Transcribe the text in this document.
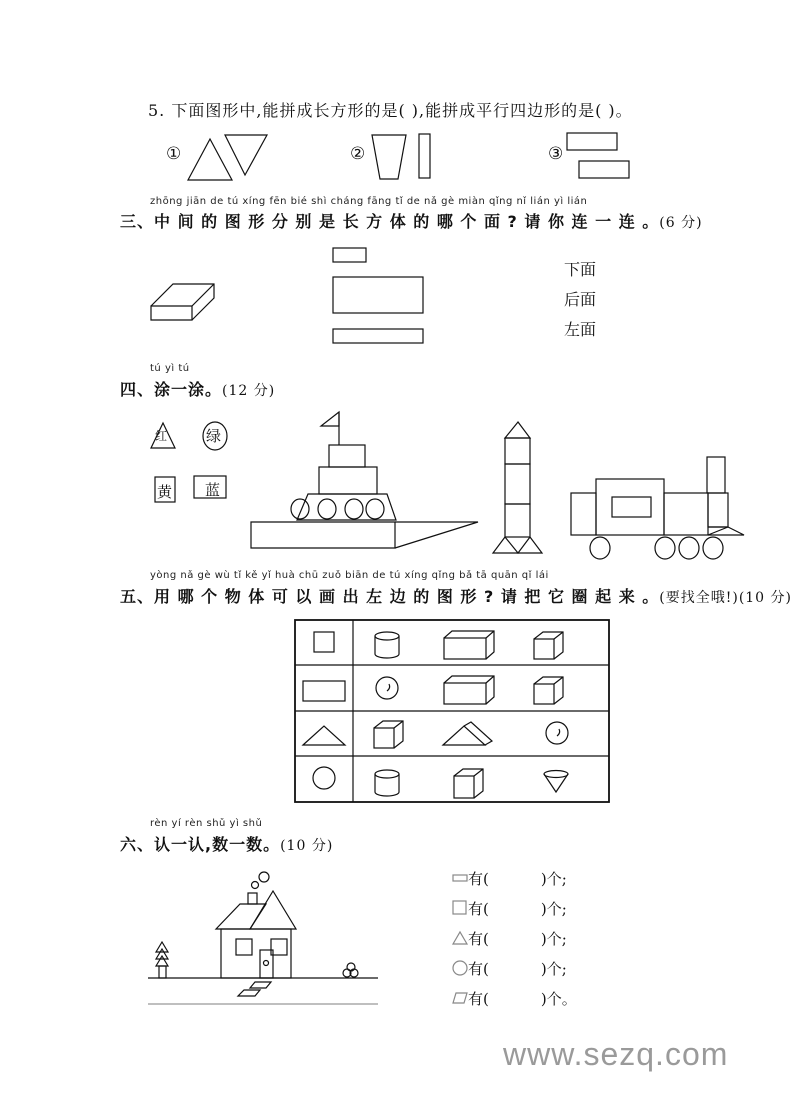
5. 下面图形中,能拼成长方形的是( ),能拼成平行四边形的是( )。
①	②	③
zhōng jiān de tú xíng fēn bié shì cháng fāng tǐ de nǎ gè miàn qǐng nǐ lián yì lián
三、中 间 的 图 形 分 别 是 长 方 体 的 哪 个 面 ? 请 你 连 一 连 。(6 分)
下面
后面
左面
tú yì tú
四、涂一涂。(12 分)
红	绿
黄 蓝
yòng nǎ gè wù tǐ kě yǐ huà chū zuǒ biān de tú xíng qǐng bǎ tā quān qǐ lái
五、用 哪 个 物 体 可 以 画 出 左 边 的 图 形 ? 请 把 它 圈 起 来 。(要找全哦!)(10 分)
rèn yí rèn shǔ yì shǔ
六、认一认,数一数。(10 分)
有(	)个;
有(	)个;
有(	)个;
有(	)个;
有(	)个。
www.sezq.com
